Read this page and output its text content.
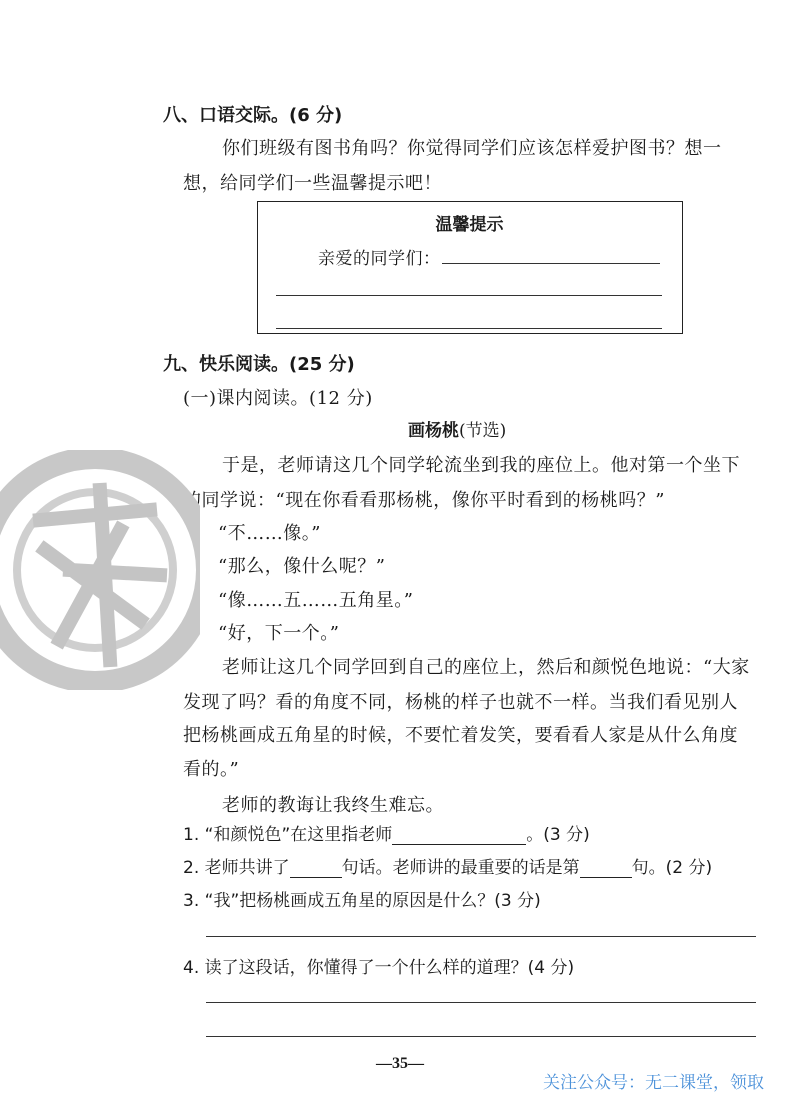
八、口语交际。(6 分)
你们班级有图书角吗？你觉得同学们应该怎样爱护图书？想一
想，给同学们一些温馨提示吧！
温馨提示
亲爱的同学们：
九、快乐阅读。(25 分)
(一)课内阅读。(12 分)
画杨桃(节选)
于是，老师请这几个同学轮流坐到我的座位上。他对第一个坐下
的同学说：“现在你看看那杨桃，像你平时看到的杨桃吗？”
“不……像。”
“那么，像什么呢？”
“像……五……五角星。”
“好，下一个。”
老师让这几个同学回到自己的座位上，然后和颜悦色地说：“大家
发现了吗？看的角度不同，杨桃的样子也就不一样。当我们看见别人
把杨桃画成五角星的时候，不要忙着发笑，要看看人家是从什么角度
看的。”
老师的教诲让我终生难忘。
1. “和颜悦色”在这里指老师	。(3 分)
2. 老师共讲了	句话。老师讲的最重要的话是第	句。(2 分)
3. “我”把杨桃画成五角星的原因是什么？(3 分)
4. 读了这段话，你懂得了一个什么样的道理？(4 分)
—35—
关注公众号：无二课堂，领取
